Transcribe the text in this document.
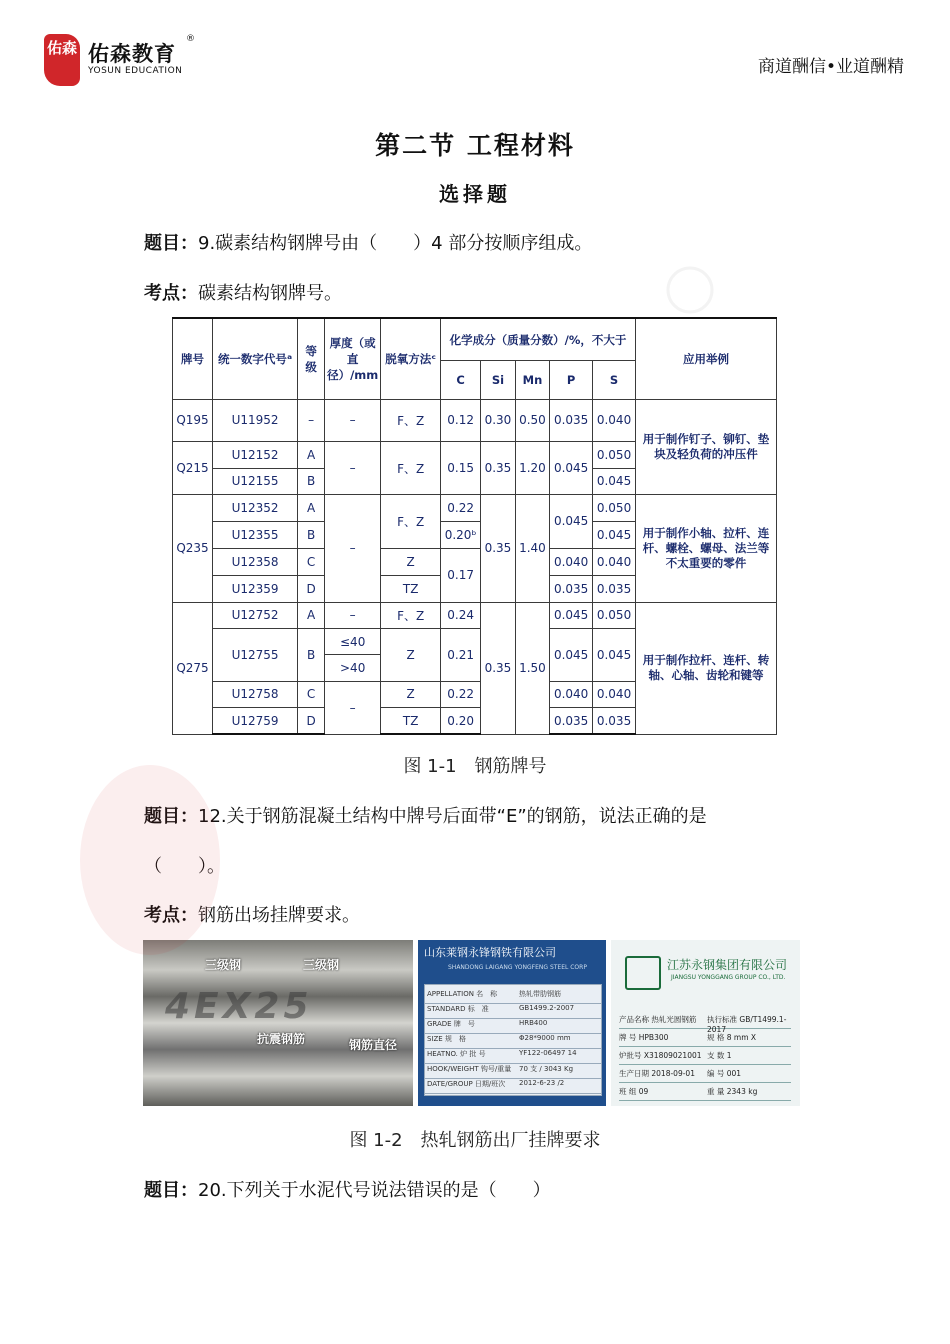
佑森 佑森教育
®
YOSUN EDUCATION	商道酬信•业道酬精
第二节 工程材料
选择题
题目：9.碳素结构钢牌号由（　　）4 部分按顺序组成。
考点：碳素结构钢牌号。
牌号	统一数字代号ᵃ	等级	厚度（或直径）/mm	脱氧方法ᶜ	化学成分（质量分数）/%，不大于					应用举例
					C	Si	Mn	P	S	
Q195	U11952	–	–	F、Z	0.12	0.30	0.50	0.035	0.040	用于制作钉子、铆钉、垫块及轻负荷的冲压件
Q215	U12152	A	–	F、Z	0.15	0.35	1.20	0.045	0.050	
	U12155	B							0.045	
Q235	U12352	A	–	F、Z	0.22	0.35	1.40	0.045	0.050	用于制作小轴、拉杆、连杆、螺栓、螺母、法兰等不太重要的零件
	U12355	B			0.20ᵇ				0.045	
	U12358	C		Z	0.17			0.040	0.040	
	U12359	D		TZ				0.035	0.035	
Q275	U12752	A	–	F、Z	0.24	0.35	1.50	0.045	0.050	用于制作拉杆、连杆、转轴、心轴、齿轮和键等
	U12755	B	≤40	Z	0.21			0.045	0.045	
			>40							
	U12758	C	–	Z	0.22			0.040	0.040	
	U12759	D		TZ	0.20			0.035	0.035	
图 1-1　钢筋牌号
题目：12.关于钢筋混凝土结构中牌号后面带“E”的钢筋，说法正确的是
（　　）。
考点：钢筋出场挂牌要求。
4ΕΧ25
三级钢	三级钢
抗震钢筋	钢筋直径
山东莱钢永锋钢铁有限公司
SHANDONG LAIGANG YONGFENG STEEL CORP
APPELLATION 名　称	热轧带肋钢筋
STANDARD 标　准	GB1499.2-2007
GRADE 牌　号	HRB400
SIZE 规　格	Φ28*9000 mm
HEATNO. 炉 批 号	YF122-06497 14
HOOK/WEIGHT 钩号/重量 70 支 / 3043 Kg
DATE/GROUP 日期/班次 2012-6-23 /2
江苏永钢集团有限公司
JIANGSU YONGGANG GROUP CO., LTD.
产品名称 热轧光圆钢筋 执行标准 GB/T1499.1-2017
牌 号 HPB300	规 格 8 mm X
炉批号 X31809021001 支 数 1
生产日期 2018-09-01 编 号 001
班 组 09	重 量 2343 kg
图 1-2　热轧钢筋出厂挂牌要求
题目：20.下列关于水泥代号说法错误的是（　　）
